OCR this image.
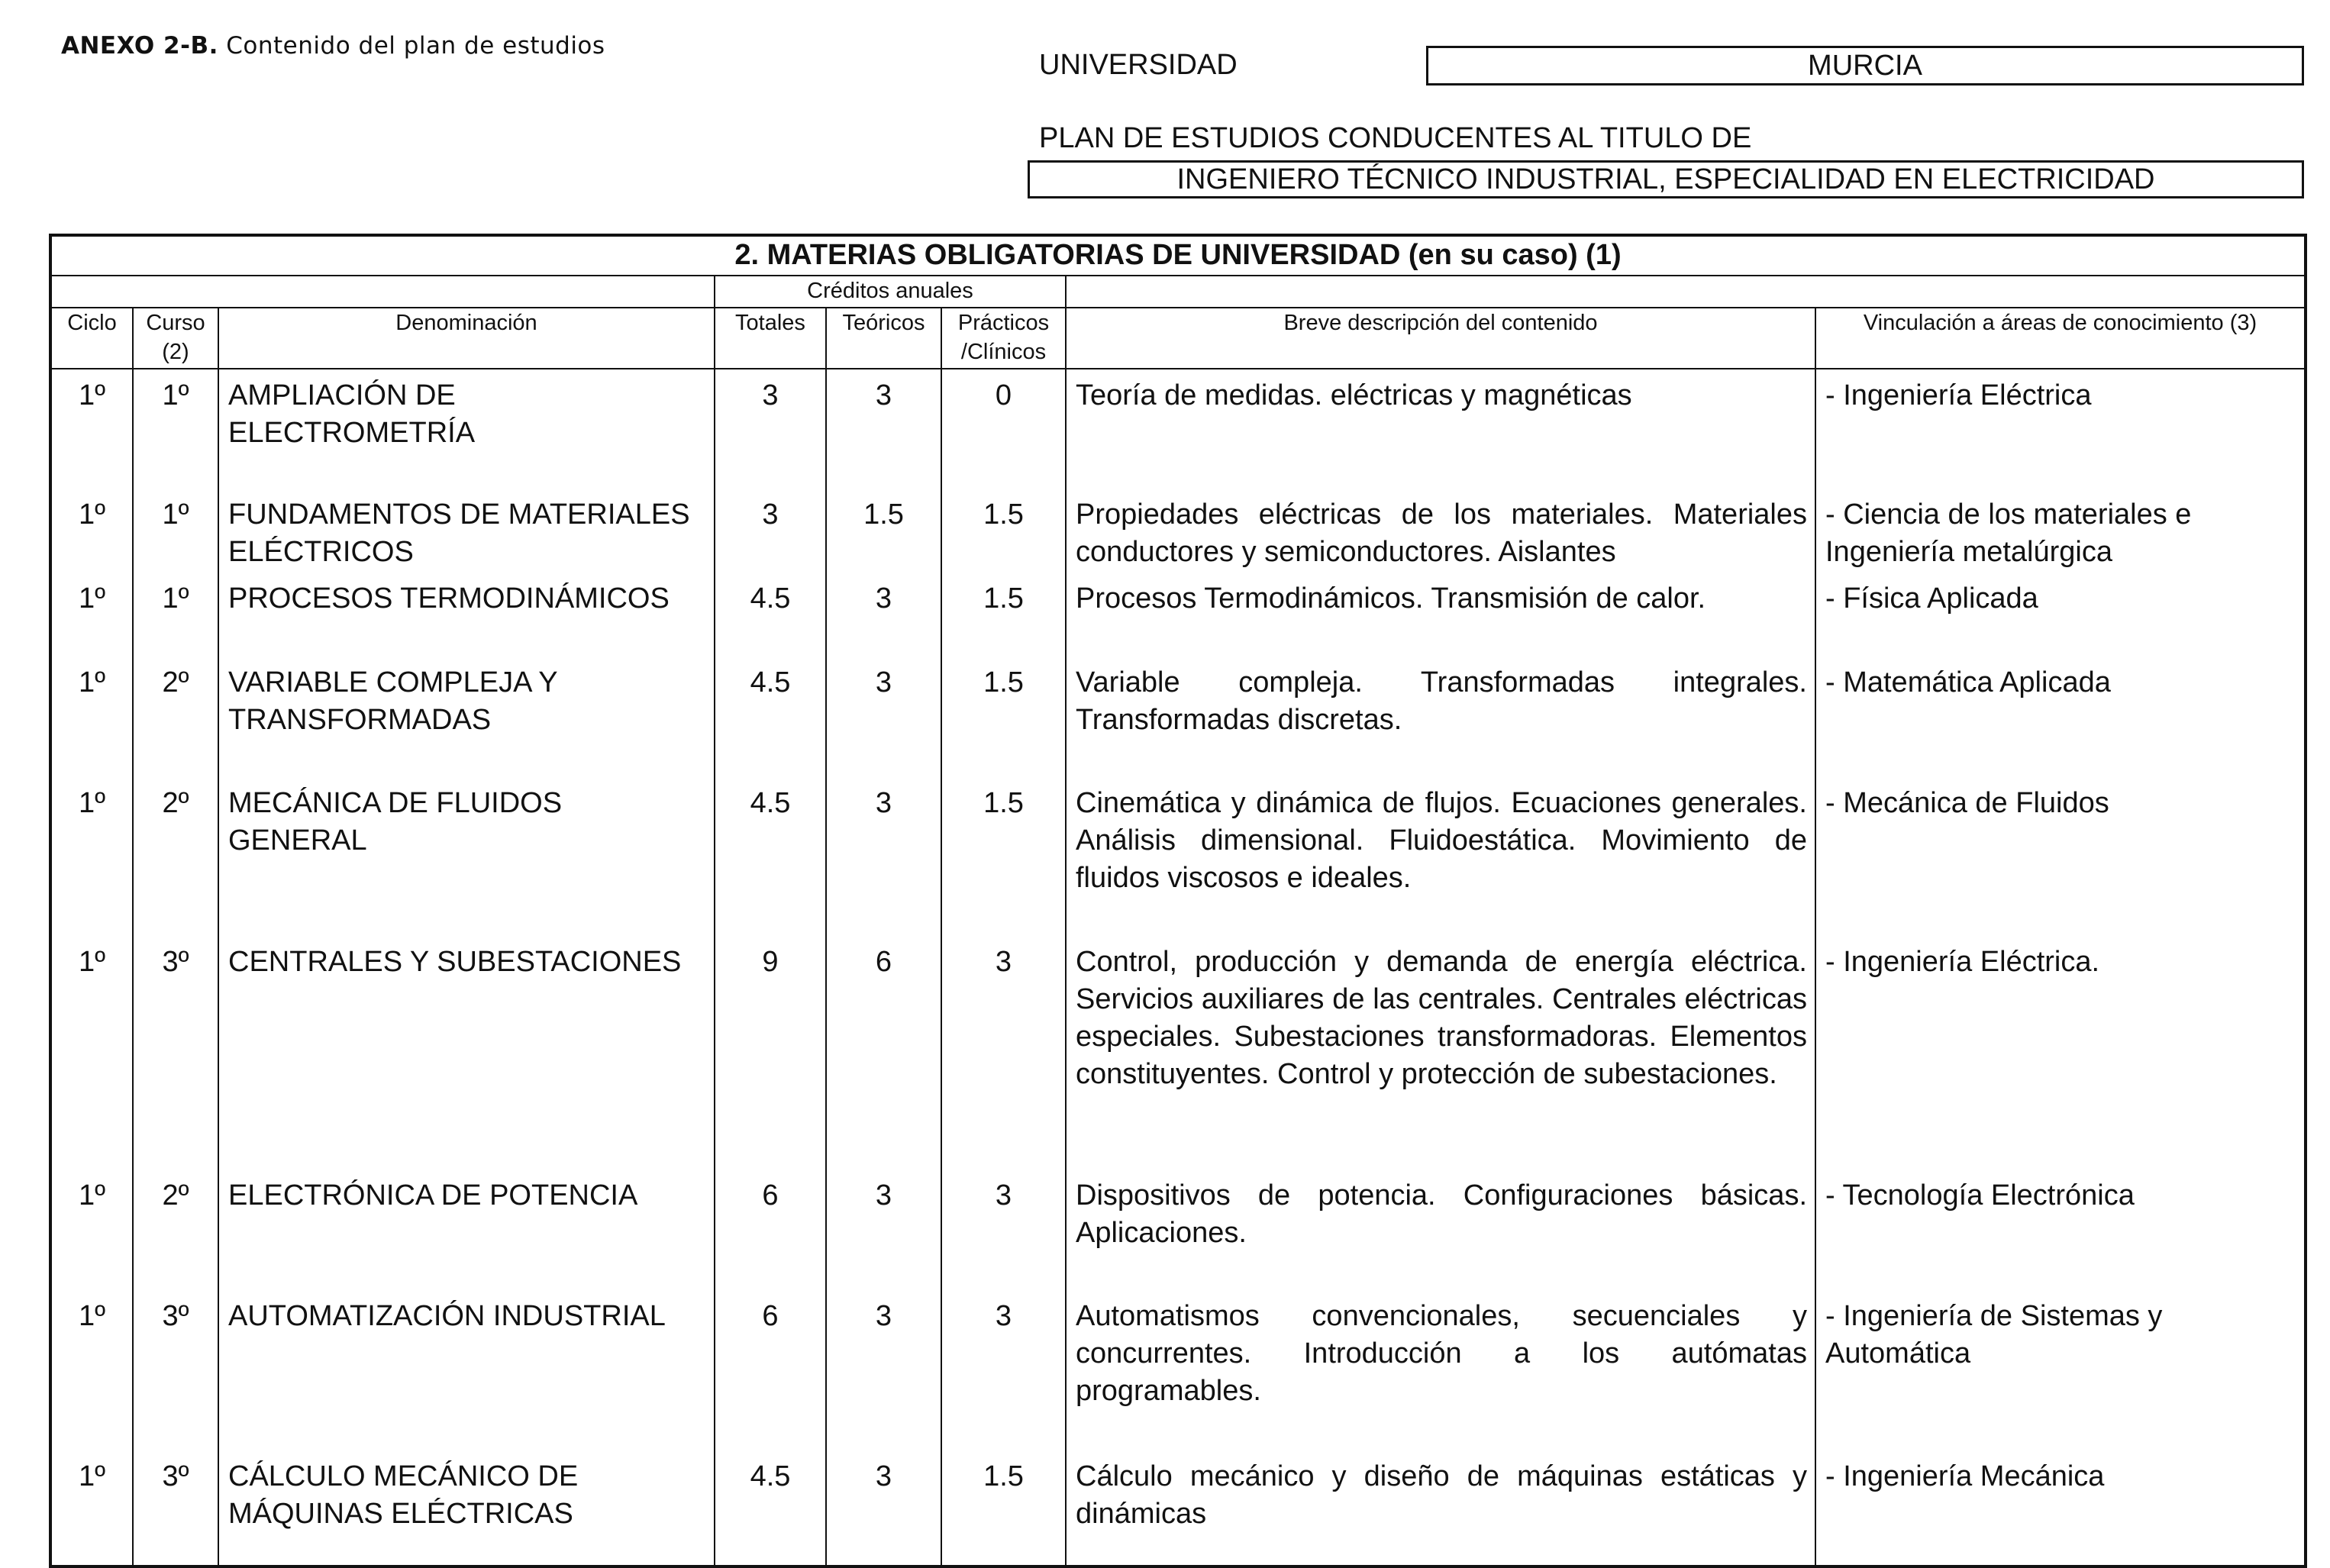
ANEXO 2-B. Contenido del plan de estudios
UNIVERSIDAD	MURCIA
PLAN DE ESTUDIOS CONDUCENTES AL TITULO DE
INGENIERO TÉCNICO INDUSTRIAL, ESPECIALIDAD EN ELECTRICIDAD
2. MATERIAS OBLIGATORIAS DE UNIVERSIDAD (en su caso) (1)							
			Créditos anuales				
Ciclo	Curso (2)	Denominación	Totales	Teóricos	Prácticos /Clínicos	Breve descripción del contenido	Vinculación a áreas de conocimiento (3)
1º	1º	AMPLIACIÓN DE ELECTROMETRÍA	3	3	0	Teoría de medidas. eléctricas y magnéticas	- Ingeniería Eléctrica
1º	1º	FUNDAMENTOS DE MATERIALES ELÉCTRICOS	3	1.5	1.5	Propiedades eléctricas de los materiales. Materiales conductores y semiconductores. Aislantes	- Ciencia de los materiales e Ingeniería metalúrgica
1º	1º	PROCESOS TERMODINÁMICOS	4.5	3	1.5	Procesos Termodinámicos. Transmisión de calor.	- Física Aplicada
1º	2º	VARIABLE COMPLEJA Y TRANSFORMADAS	4.5	3	1.5	Variable compleja. Transformadas integrales. Transformadas discretas.	- Matemática Aplicada
1º	2º	MECÁNICA DE FLUIDOS GENERAL	4.5	3	1.5	Cinemática y dinámica de flujos. Ecuaciones generales. Análisis dimensional. Fluidoestática. Movimiento de fluidos viscosos e ideales.	- Mecánica de Fluidos
1º	3º	CENTRALES Y SUBESTACIONES	9	6	3	Control, producción y demanda de energía eléctrica. Servicios auxiliares de las centrales. Centrales eléctricas especiales. Subestaciones transformadoras. Elementos constituyentes. Control y protección de subestaciones.	- Ingeniería Eléctrica.
1º	2º	ELECTRÓNICA DE POTENCIA	6	3	3	Dispositivos de potencia. Configuraciones básicas. Aplicaciones.	- Tecnología Electrónica
1º	3º	AUTOMATIZACIÓN INDUSTRIAL	6	3	3	Automatismos convencionales, secuenciales y concurrentes. Introducción a los autómatas programables.	- Ingeniería de Sistemas y Automática
1º	3º	CÁLCULO MECÁNICO DE MÁQUINAS ELÉCTRICAS	4.5	3	1.5	Cálculo mecánico y diseño de máquinas estáticas y dinámicas	- Ingeniería Mecánica
